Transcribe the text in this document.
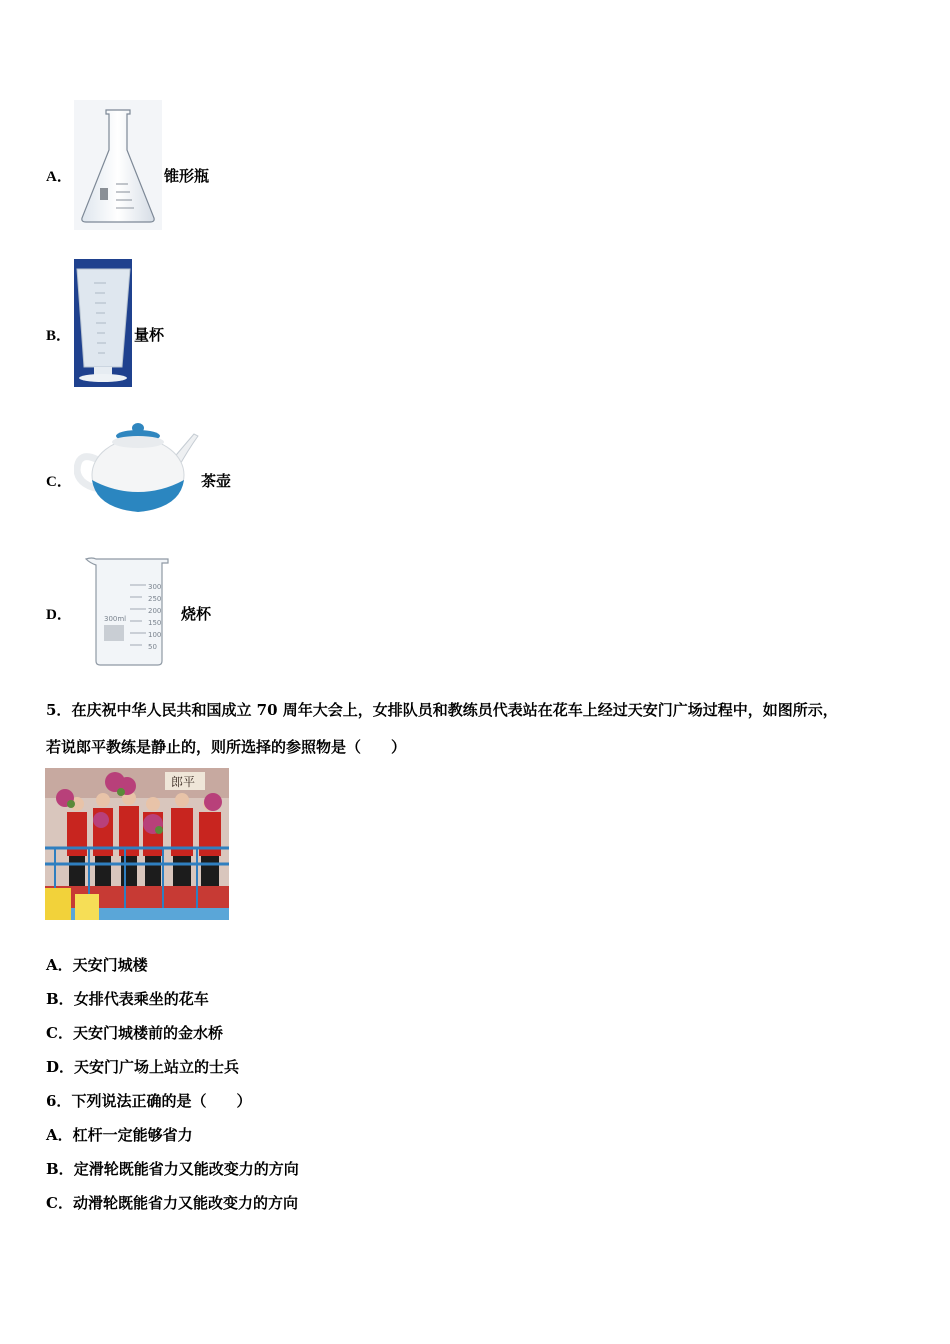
A．	锥形瓶
B．	量杯
C．	茶壶
D．
300
250
200
150
100
50
300ml	烧杯
5．在庆祝中华人民共和国成立 70 周年大会上，女排队员和教练员代表站在花车上经过天安门广场过程中，如图所示，
若说郎平教练是静止的，则所选择的参照物是（　　）
郎平
A．天安门城楼
B．女排代表乘坐的花车
C．天安门城楼前的金水桥
D．天安门广场上站立的士兵
6．下列说法正确的是（　　）
A．杠杆一定能够省力
B．定滑轮既能省力又能改变力的方向
C．动滑轮既能省力又能改变力的方向
